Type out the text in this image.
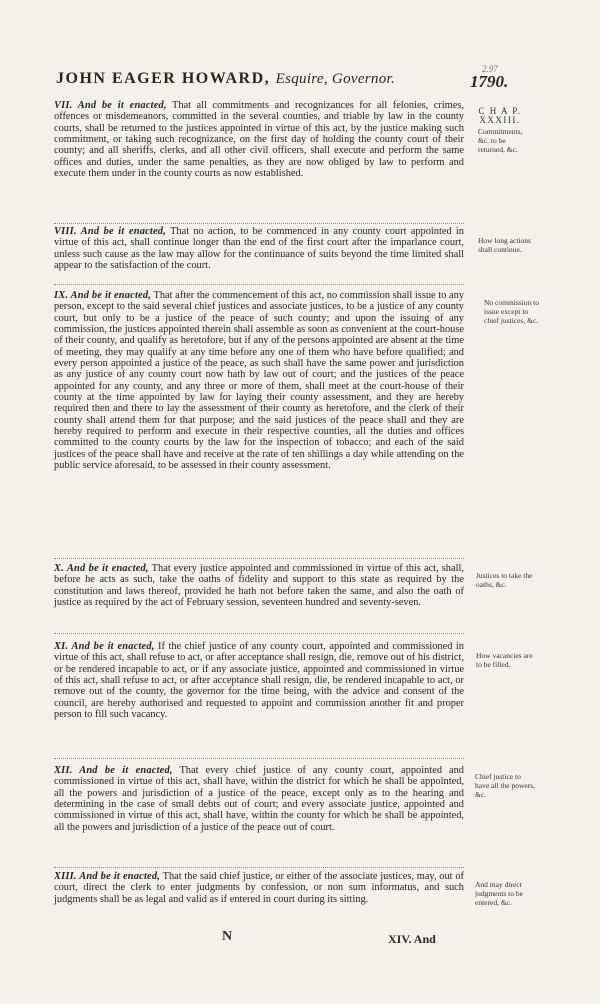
JOHN EAGER HOWARD, Esquire, Governor.
2.97
1790.
C H A P.
XXXIII.
Commitments, &c. to be returned, &c.
How long actions shall continue.
No commission to issue except to chief justices, &c.
Justices to take the oaths, &c.
How vacancies are to be filled.
Chief justice to have all the powers, &c.
And may direct judgments to be entered, &c.
VII. And be it enacted, That all commitments and recognizances for all felonies, crimes, offences or misdemeanors, committed in the several counties, and triable by law in the county courts, shall be returned to the justices appointed in virtue of this act, by the justice making such commitment, or taking such recognizance, on the first day of holding the county court of their county; and all sheriffs, clerks, and all other civil officers, shall execute and perform the same offices and duties, under the same penalties, as they are now obliged by law to perform and execute them under in the county courts as now established.
VIII. And be it enacted, That no action, to be commenced in any county court appointed in virtue of this act, shall continue longer than the end of the first court after the imparlance court, unless such cause as the law may allow for the continuance of suits beyond the time limited shall appear to the satisfaction of the court.
IX. And be it enacted, That after the commencement of this act, no commission shall issue to any person, except to the said several chief justices and associate justices, to be a justice of any county court, but only to be a justice of the peace of such county; and upon the issuing of any commission, the justices appointed therein shall assemble as soon as convenient at the court-house of their county, and qualify as heretofore, but if any of the persons appointed are absent at the time of meeting, they may qualify at any time before any one of them who have before qualified; and every person appointed a justice of the peace, as such shall have the same power and jurisdiction as any justice of any county court now hath by law out of court; and the justices of the peace appointed for any county, and any three or more of them, shall meet at the court-house of their county at the time appointed by law for laying their county assessment, and they are hereby required then and there to lay the assessment of their county as heretofore, and the clerk of their county shall attend them for that purpose; and the said justices of the peace shall and they are hereby required to perform and execute in their respective counties, all the duties and offices committed to the county courts by the law for the inspection of tobacco; and each of the said justices of the peace shall have and receive at the rate of ten shillings a day while attending on the public service aforesaid, to be assessed in their county assessment.
X. And be it enacted, That every justice appointed and commissioned in virtue of this act, shall, before he acts as such, take the oaths of fidelity and support to this state as required by the constitution and laws thereof, provided he hath not before taken the same, and also the oath of justice as required by the act of February session, seventeen hundred and seventy-seven.
XI. And be it enacted, If the chief justice of any county court, appointed and commissioned in virtue of this act, shall refuse to act, or after acceptance shall resign, die, remove out of his district, or be rendered incapable to act, or if any associate justice, appointed and commissioned in virtue of this act, shall refuse to act, or after acceptance shall resign, die, be rendered incapable to act, or remove out of the county, the governor for the time being, with the advice and consent of the council, are hereby authorised and requested to appoint and commission another fit and proper person to fill such vacancy.
XII. And be it enacted, That every chief justice of any county court, appointed and commissioned in virtue of this act, shall have, within the district for which he shall be appointed, all the powers and jurisdiction of a justice of the peace, except only as to the hearing and determining in the case of small debts out of court; and every associate justice, appointed and commissioned in virtue of this act, shall have, within the county for which he shall be appointed, all the powers and jurisdiction of a justice of the peace out of court.
XIII. And be it enacted, That the said chief justice, or either of the associate justices, may, out of court, direct the clerk to enter judgments by confession, or non sum informatus, and such judgments shall be as legal and valid as if entered in court during its sitting.
N	XIV. And
